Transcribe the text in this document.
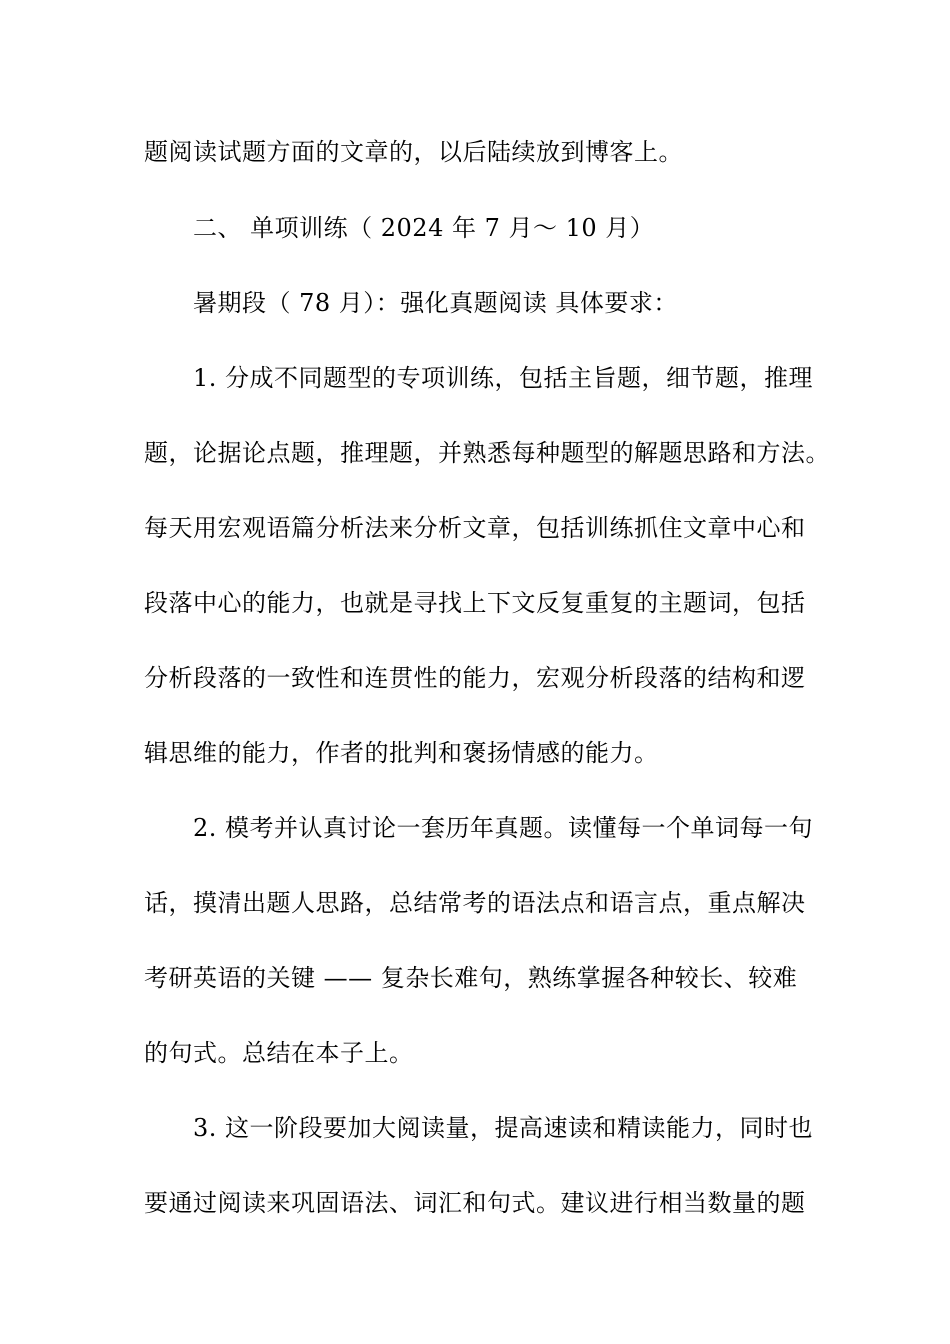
题阅读试题方面的文章的，以后陆续放到博客上。
二、 单项训练（ 2024 年 7 月～ 10 月）
暑期段（ 78 月）：强化真题阅读 具体要求：
1. 分成不同题型的专项训练，包括主旨题，细节题，推理
题，论据论点题，推理题，并熟悉每种题型的解题思路和方法。
每天用宏观语篇分析法来分析文章，包括训练抓住文章中心和
段落中心的能力，也就是寻找上下文反复重复的主题词，包括
分析段落的一致性和连贯性的能力，宏观分析段落的结构和逻
辑思维的能力，作者的批判和褒扬情感的能力。
2. 模考并认真讨论一套历年真题。读懂每一个单词每一句
话，摸清出题人思路，总结常考的语法点和语言点，重点解决
考研英语的关键 —— 复杂长难句，熟练掌握各种较长、较难
的句式。总结在本子上。
3. 这一阶段要加大阅读量，提高速读和精读能力，同时也
要通过阅读来巩固语法、词汇和句式。建议进行相当数量的题
